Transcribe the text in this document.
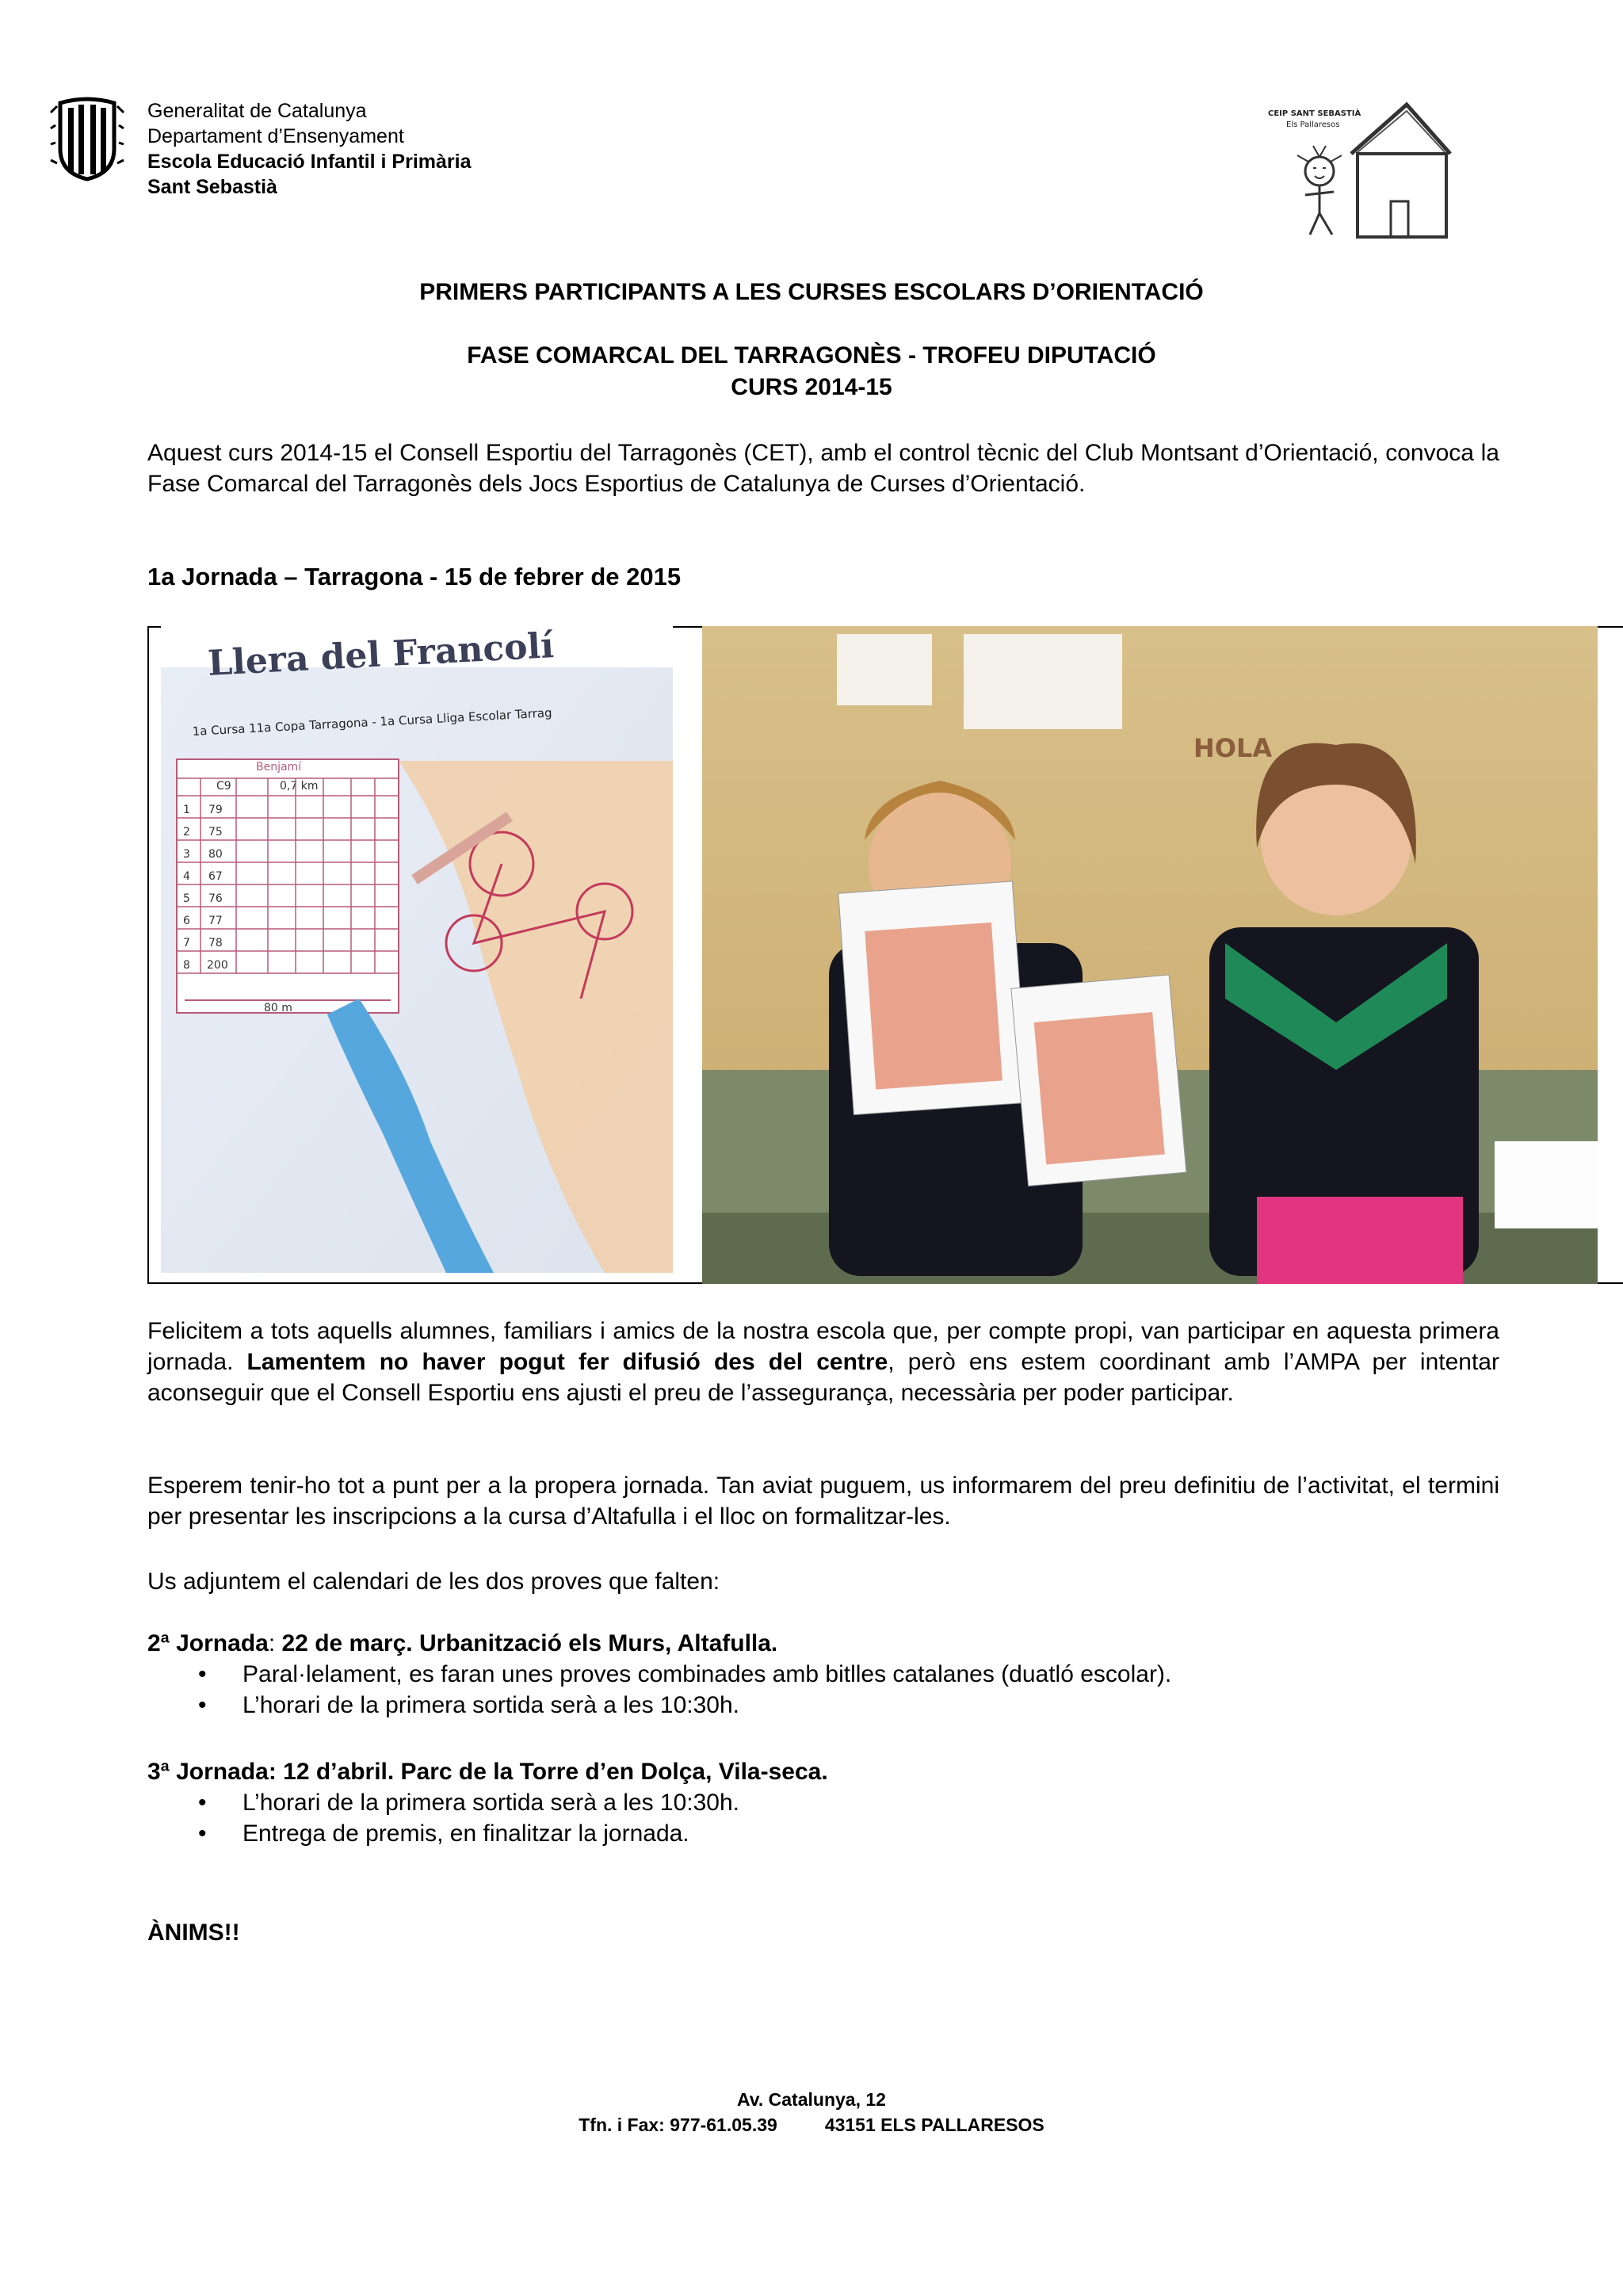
Generalitat de Catalunya
Departament d’Ensenyament
Escola Educació Infantil i Primària
Sant Sebastià
CEIP SANT SEBASTIÀ
Els Pallaresos
PRIMERS PARTICIPANTS A LES CURSES ESCOLARS D’ORIENTACIÓ
FASE COMARCAL DEL TARRAGONÈS - TROFEU DIPUTACIÓ
CURS 2014-15

Aquest curs 2014-15 el Consell Esportiu del Tarragonès (CET), amb el control tècnic del Club Montsant d’Orientació, convoca la Fase Comarcal del Tarragonès dels Jocs Esportius de Catalunya de Curses d’Orientació.

1a Jornada – Tarragona - 15 de febrer de 2015
Llera del Francolí
1a Cursa 11a Copa Tarragona - 1a Cursa Lliga Escolar Tarrag
Benjamí
C9	0,7 km
1 79
2 75
3 80
4 67
5 76
6 77
7 78
8 200
80 m
HOLA

Felicitem a tots aquells alumnes, familiars i amics de la nostra escola que, per compte propi, van participar en aquesta primera jornada. Lamentem no haver pogut fer difusió des del centre, però ens estem coordinant amb l’AMPA per intentar aconseguir que el Consell Esportiu ens ajusti el preu de l’assegurança, necessària per poder participar.

Esperem tenir-ho tot a punt per a la propera jornada. Tan aviat puguem, us informarem del preu definitiu de l’activitat, el termini per presentar les inscripcions a la cursa d’Altafulla i el lloc on formalitzar-les.

Us adjuntem el calendari de les dos proves que falten:

2ª Jornada: 22 de març. Urbanització els Murs, Altafulla.
• Paral·lelament, es faran unes proves combinades amb bitlles catalanes (duatló escolar).
• L’horari de la primera sortida serà a les 10:30h.
3ª Jornada: 12 d’abril. Parc de la Torre d’en Dolça, Vila-seca.
• L’horari de la primera sortida serà a les 10:30h.
• Entrega de premis, en finalitzar la jornada.
ÀNIMS!!
Av. Catalunya, 12
Tfn. i Fax: 977-61.05.39	43151 ELS PALLARESOS
